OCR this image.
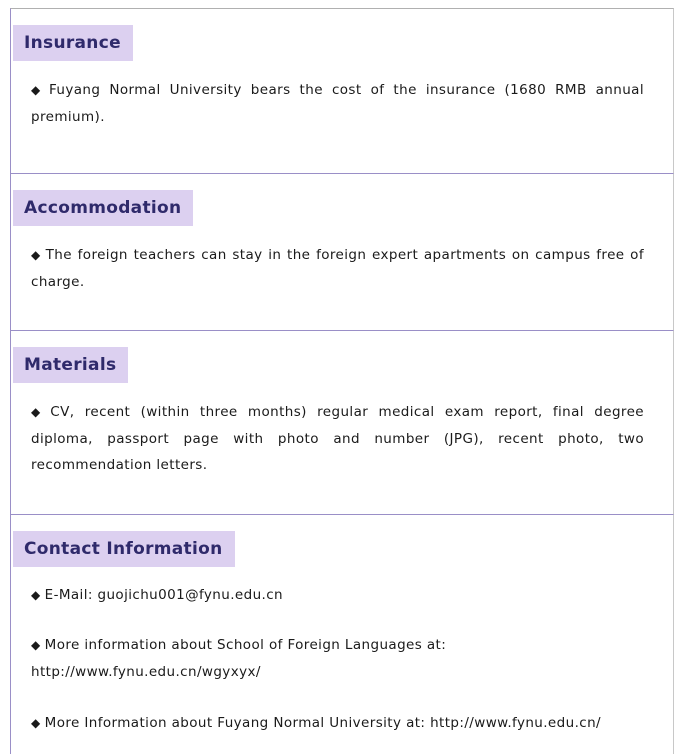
Insurance
◆ Fuyang Normal University bears the cost of the insurance (1680 RMB annual premium).
Accommodation
◆ The foreign teachers can stay in the foreign expert apartments on campus free of charge.
Materials
◆ CV, recent (within three months) regular medical exam report, final degree diploma, passport page with photo and number (JPG), recent photo, two recommendation letters.
Contact Information
◆ E-Mail: guojichu001@fynu.edu.cn
◆ More information about School of Foreign Languages at:
http://www.fynu.edu.cn/wgyxyx/
◆ More Information about Fuyang Normal University at: http://www.fynu.edu.cn/
